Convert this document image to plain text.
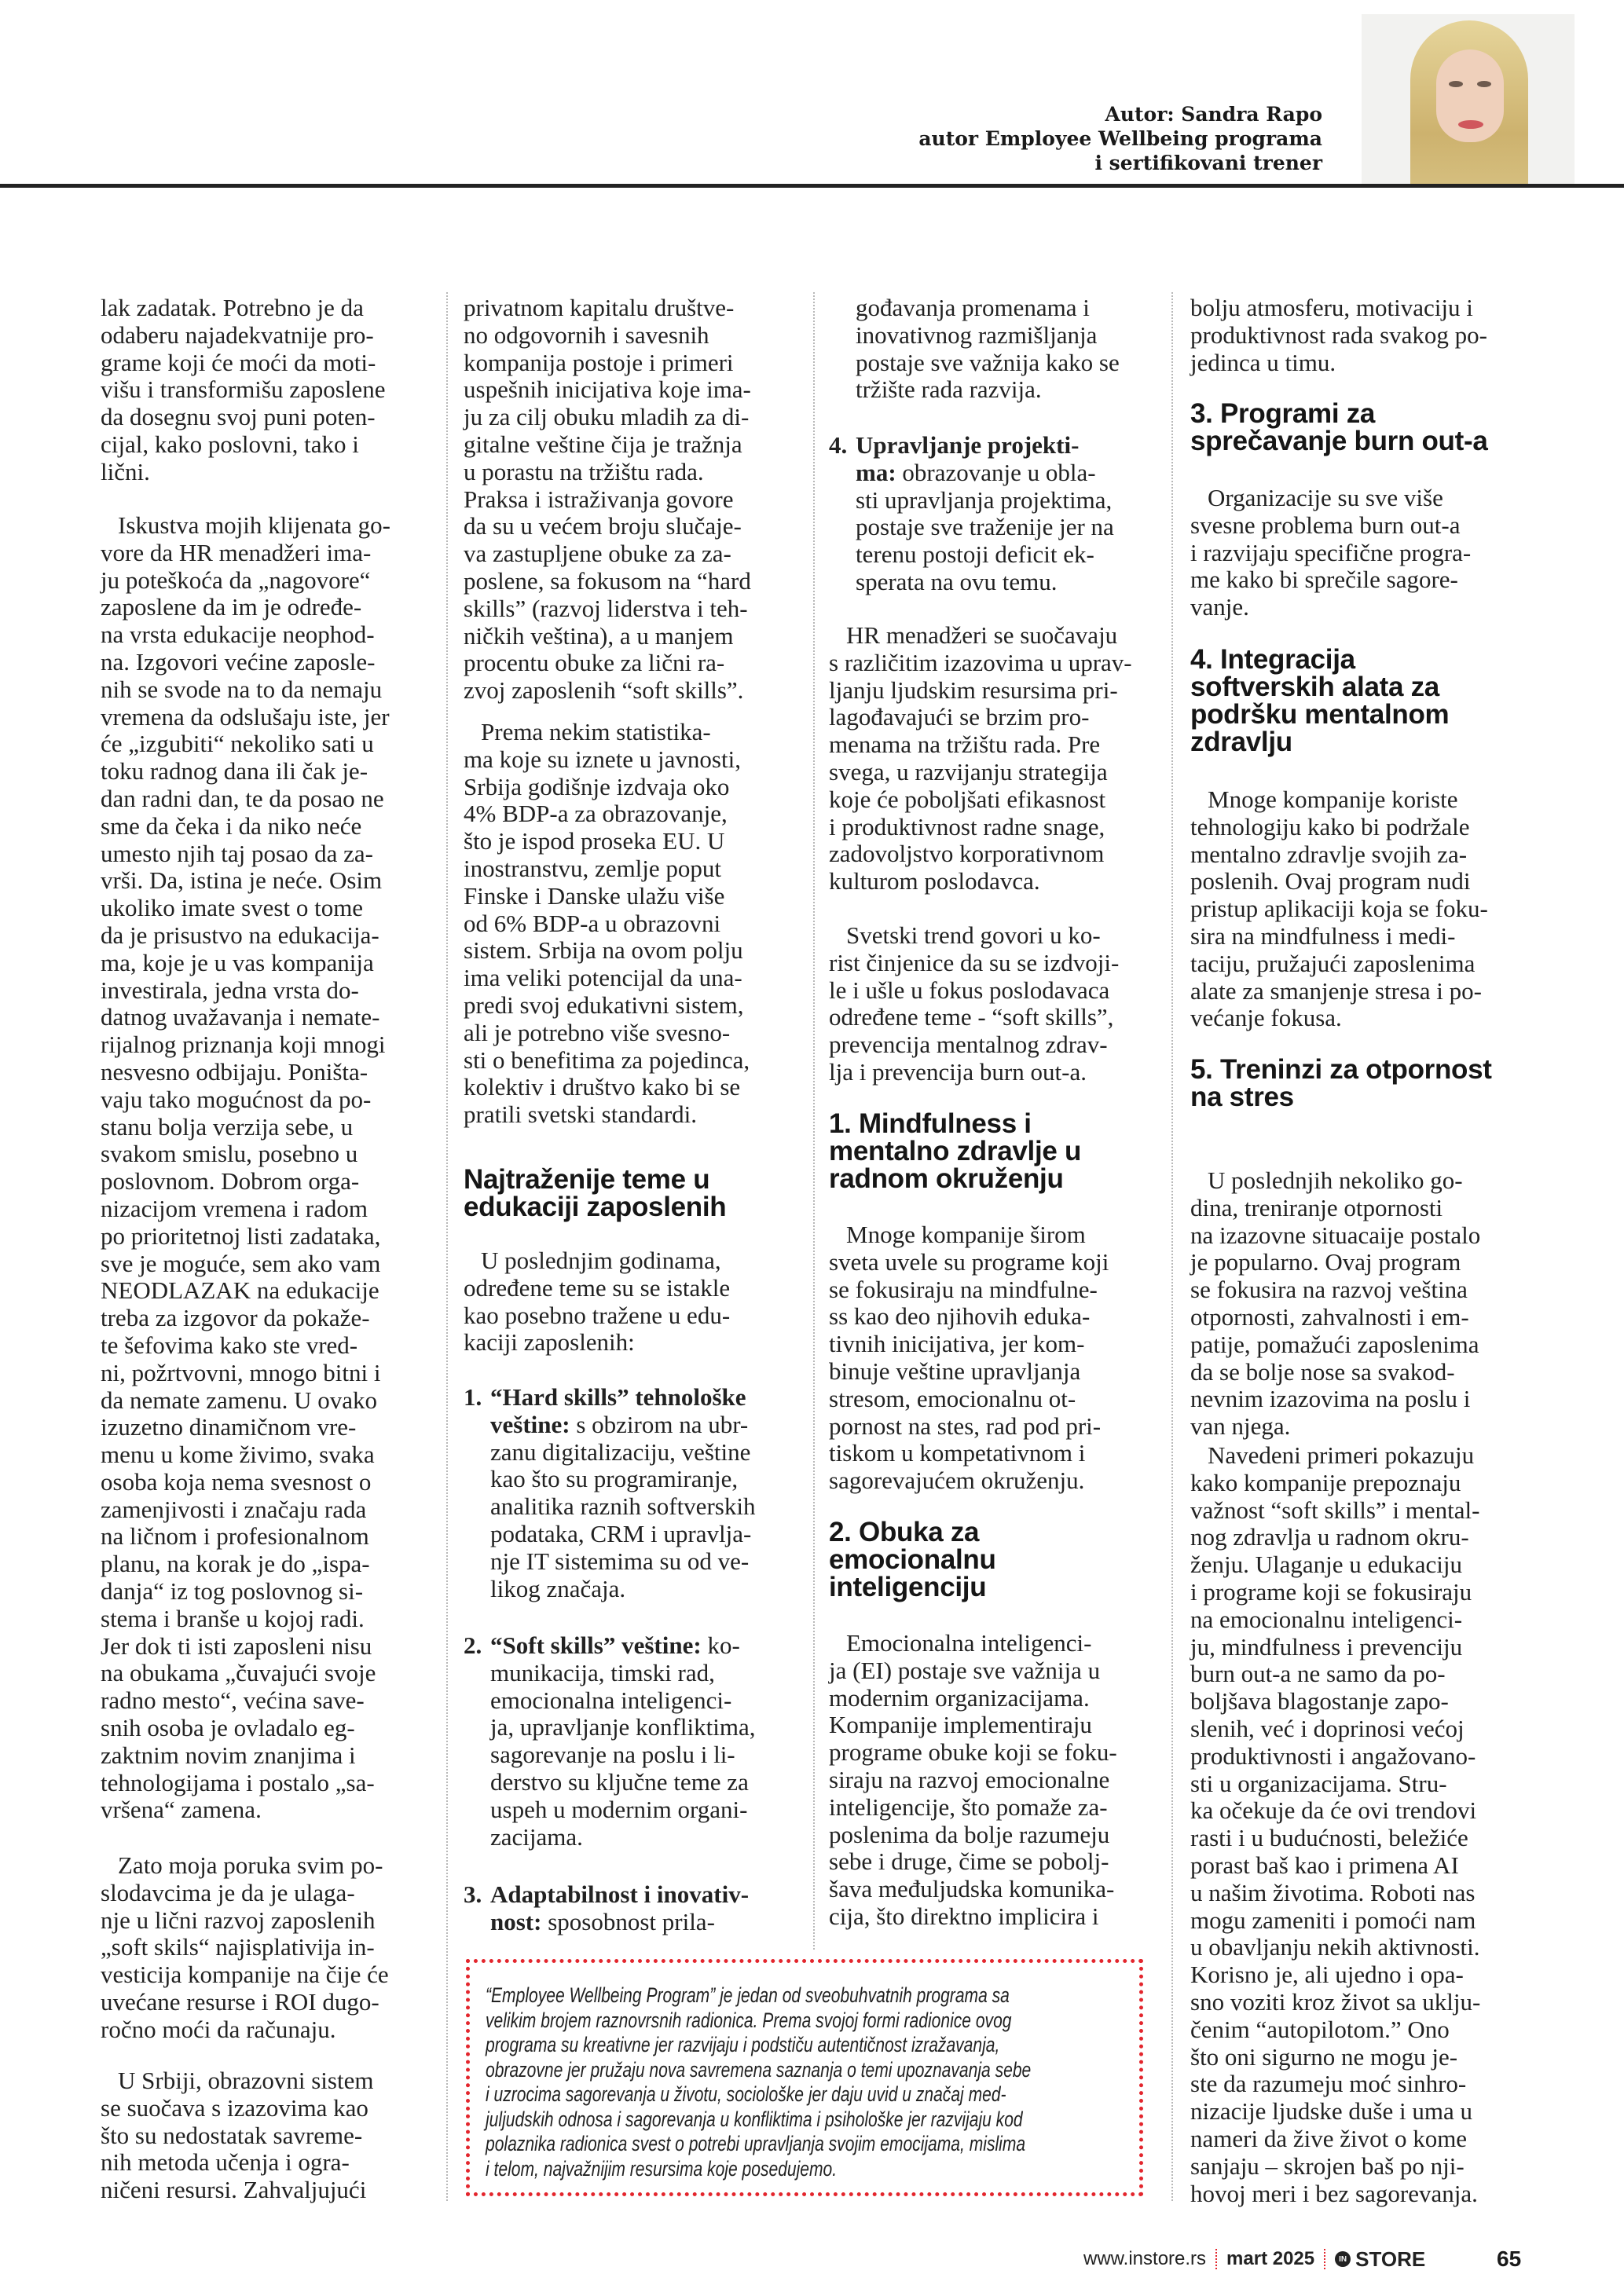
Autor: Sandra Rapo
autor Employee Wellbeing programa
i sertifikovani trener
lak zadatak. Potrebno je da
odaberu najadekvatnije pro-
grame koji će moći da moti-
višu i transformišu zaposlene
da dosegnu svoj puni poten-
cijal, kako poslovni, tako i
lični.
Iskustva mojih klijenata go-
vore da HR menadžeri ima-
ju poteškoća da „nagovore“
zaposlene da im je određe-
na vrsta edukacije neophod-
na. Izgovori većine zaposle-
nih se svode na to da nemaju
vremena da odslušaju iste, jer
će „izgubiti“ nekoliko sati u
toku radnog dana ili čak je-
dan radni dan, te da posao ne
sme da čeka i da niko neće
umesto njih taj posao da za-
vrši. Da, istina je neće. Osim
ukoliko imate svest o tome
da je prisustvo na edukacija-
ma, koje je u vas kompanija
investirala, jedna vrsta do-
datnog uvažavanja i nemate-
rijalnog priznanja koji mnogi
nesvesno odbijaju. Poništa-
vaju tako mogućnost da po-
stanu bolja verzija sebe, u
svakom smislu, posebno u
poslovnom. Dobrom orga-
nizacijom vremena i radom
po prioritetnoj listi zadataka,
sve je moguće, sem ako vam
NEODLAZAK na edukacije
treba za izgovor da pokaže-
te šefovima kako ste vred-
ni, požrtvovni, mnogo bitni i
da nemate zamenu. U ovako
izuzetno dinamičnom vre-
menu u kome živimo, svaka
osoba koja nema svesnost o
zamenjivosti i značaju rada
na ličnom i profesionalnom
planu, na korak je do „ispa-
danja“ iz tog poslovnog si-
stema i branše u kojoj radi.
Jer dok ti isti zaposleni nisu
na obukama „čuvajući svoje
radno mesto“, većina save-
snih osoba je ovladalo eg-
zaktnim novim znanjima i
tehnologijama i postalo „sa-
vršena“ zamena.
Zato moja poruka svim po-
slodavcima je da je ulaga-
nje u lični razvoj zaposlenih
„soft skils“ najisplativija in-
vesticija kompanije na čije će
uvećane resurse i ROI dugo-
ročno moći da računaju.
U Srbiji, obrazovni sistem
se suočava s izazovima kao
što su nedostatak savreme-
nih metoda učenja i ogra-
ničeni resursi. Zahvaljujući
privatnom kapitalu društve-
no odgovornih i savesnih
kompanija postoje i primeri
uspešnih inicijativa koje ima-
ju za cilj obuku mladih za di-
gitalne veštine čija je tražnja
u porastu na tržištu rada.
Praksa i istraživanja govore
da su u većem broju slučaje-
va zastupljene obuke za za-
poslene, sa fokusom na “hard
skills” (razvoj liderstva i teh-
ničkih veština), a u manjem
procentu obuke za lični ra-
zvoj zaposlenih “soft skills”.
Prema nekim statistika-
ma koje su iznete u javnosti,
Srbija godišnje izdvaja oko
4% BDP-a za obrazovanje,
što je ispod proseka EU. U
inostranstvu, zemlje poput
Finske i Danske ulažu više
od 6% BDP-a u obrazovni
sistem. Srbija na ovom polju
ima veliki potencijal da una-
predi svoj edukativni sistem,
ali je potrebno više svesno-
sti o benefitima za pojedinca,
kolektiv i društvo kako bi se
pratili svetski standardi.
Najtraženije teme u
edukaciji zaposlenih
U poslednjim godinama,
određene teme su se istakle
kao posebno tražene u edu-
kaciji zaposlenih:
1. “Hard skills” tehnološke
veštine: s obzirom na ubr-
zanu digitalizaciju, veštine
kao što su programiranje,
analitika raznih softverskih
podataka, CRM i upravlja-
nje IT sistemima su od ve-
likog značaja.
2. “Soft skills” veštine: ko-
munikacija, timski rad,
emocionalna inteligenci-
ja, upravljanje konfliktima,
sagorevanje na poslu i li-
derstvo su ključne teme za
uspeh u modernim organi-
zacijama.
3. Adaptabilnost i inovativ-
nost: sposobnost prila-
gođavanja promenama i
inovativnog razmišljanja
postaje sve važnija kako se
tržište rada razvija.
4. Upravljanje projekti-
ma: obrazovanje u obla-
sti upravljanja projektima,
postaje sve traženije jer na
terenu postoji deficit ek-
sperata na ovu temu.
HR menadžeri se suočavaju
s različitim izazovima u uprav-
ljanju ljudskim resursima pri-
lagođavajući se brzim pro-
menama na tržištu rada. Pre
svega, u razvijanju strategija
koje će poboljšati efikasnost
i produktivnost radne snage,
zadovoljstvo korporativnom
kulturom poslodavca.
Svetski trend govori u ko-
rist činjenice da su se izdvoji-
le i ušle u fokus poslodavaca
određene teme - “soft skills”,
prevencija mentalnog zdrav-
lja i prevencija burn out-a.
1. Mindfulness i
mentalno zdravlje u
radnom okruženju
Mnoge kompanije širom
sveta uvele su programe koji
se fokusiraju na mindfulne-
ss kao deo njihovih eduka-
tivnih inicijativa, jer kom-
binuje veštine upravljanja
stresom, emocionalnu ot-
pornost na stes, rad pod pri-
tiskom u kompetativnom i
sagorevajućem okruženju.
2. Obuka za
emocionalnu
inteligenciju
Emocionalna inteligenci-
ja (EI) postaje sve važnija u
modernim organizacijama.
Kompanije implementiraju
programe obuke koji se foku-
siraju na razvoj emocionalne
inteligencije, što pomaže za-
poslenima da bolje razumeju
sebe i druge, čime se pobolj-
šava međuljudska komunika-
cija, što direktno implicira i
bolju atmosferu, motivaciju i
produktivnost rada svakog po-
jedinca u timu.
3. Programi za
sprečavanje burn out-a
Organizacije su sve više
svesne problema burn out-a
i razvijaju specifične progra-
me kako bi sprečile sagore-
vanje.
4. Integracija
softverskih alata za
podršku mentalnom
zdravlju
Mnoge kompanije koriste
tehnologiju kako bi podržale
mentalno zdravlje svojih za-
poslenih. Ovaj program nudi
pristup aplikaciji koja se foku-
sira na mindfulness i medi-
taciju, pružajući zaposlenima
alate za smanjenje stresa i po-
većanje fokusa.
5. Treninzi za otpornost
na stres
U poslednjih nekoliko go-
dina, treniranje otpornosti
na izazovne situacaije postalo
je popularno. Ovaj program
se fokusira na razvoj veština
otpornosti, zahvalnosti i em-
patije, pomažući zaposlenima
da se bolje nose sa svakod-
nevnim izazovima na poslu i
van njega.
Navedeni primeri pokazuju
kako kompanije prepoznaju
važnost “soft skills” i mental-
nog zdravlja u radnom okru-
ženju. Ulaganje u edukaciju
i programe koji se fokusiraju
na emocionalnu inteligenci-
ju, mindfulness i prevenciju
burn out-a ne samo da po-
boljšava blagostanje zapo-
slenih, već i doprinosi većoj
produktivnosti i angažovano-
sti u organizacijama. Stru-
ka očekuje da će ovi trendovi
rasti i u budućnosti, beležiće
porast baš kao i primena AI
u našim životima. Roboti nas
mogu zameniti i pomoći nam
u obavljanju nekih aktivnosti.
Korisno je, ali ujedno i opa-
sno voziti kroz život sa uklju-
čenim “autopilotom.” Ono
što oni sigurno ne mogu je-
ste da razumeju moć sinhro-
nizacije ljudske duše i uma u
nameri da žive život o kome
sanjaju – skrojen baš po nji-
hovoj meri i bez sagorevanja.
“Employee Wellbeing Program” je jedan od sveobuhvatnih programa sa
velikim brojem raznovrsnih radionica. Prema svojoj formi radionice ovog
programa su kreativne jer razvijaju i podstiču autentičnost izražavanja,
obrazovne jer pružaju nova savremena saznanja o temi upoznavanja sebe
i uzrocima sagorevanja u životu, sociološke jer daju uvid u značaj med-
juljudskih odnosa i sagorevanja u konfliktima i psihološke jer razvijaju kod
polaznika radionica svest o potrebi upravljanja svojim emocijama, mislima
i telom, najvažnijim resursima koje posedujemo.
www.instore.rs mart 2025	IN STORE	65
